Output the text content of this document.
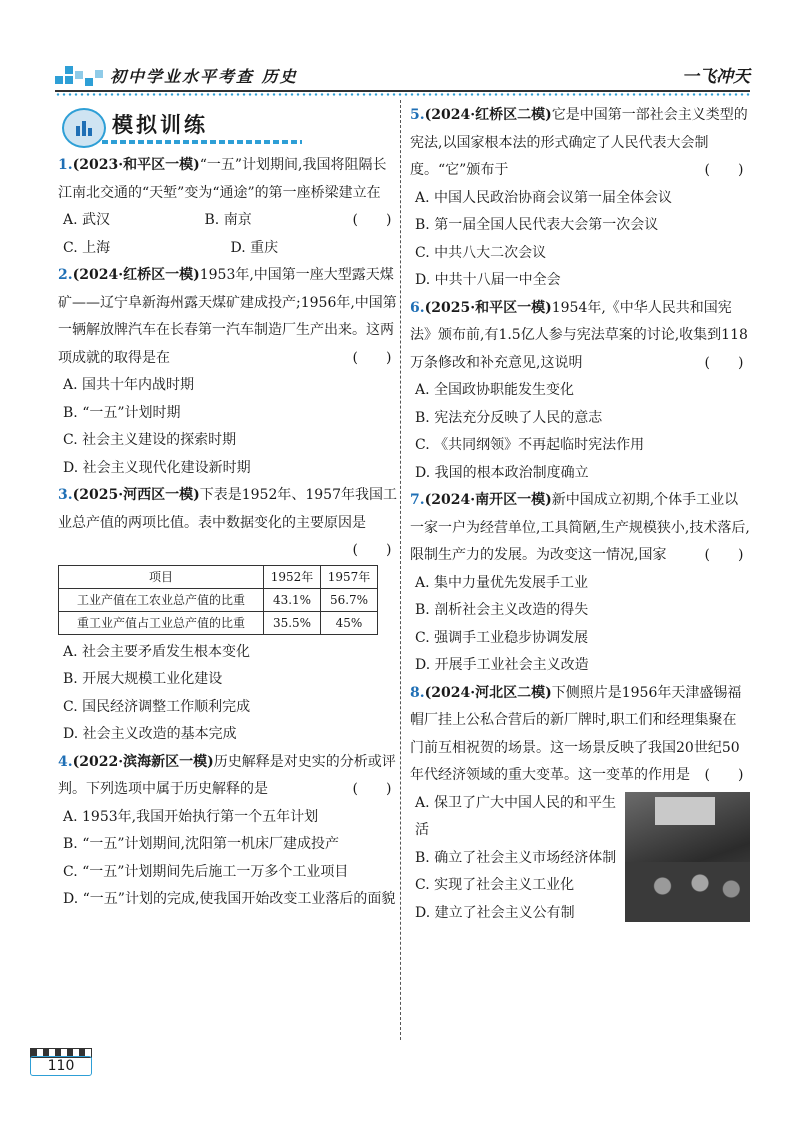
初中学业水平考查 历史	一飞冲天
模拟训练
1.(2023·和平区一模)“一五”计划期间,我国将阻隔长江南北交通的“天堑”变为“通途”的第一座桥梁建立在
(　　)
A. 武汉	B. 南京
C. 上海	D. 重庆
2.(2024·红桥区一模)1953年,中国第一座大型露天煤矿——辽宁阜新海州露天煤矿建成投产;1956年,中国第一辆解放牌汽车在长春第一汽车制造厂生产出来。这两项成就的取得是在	(　　)
A. 国共十年内战时期
B. “一五”计划时期
C. 社会主义建设的探索时期
D. 社会主义现代化建设新时期
3.(2025·河西区一模)下表是1952年、1957年我国工业总产值的两项比值。表中数据变化的主要原因是
(　　)
项目	1952年	1957年
工业产值在工农业总产值的比重	43.1%	56.7%
重工业产值占工业总产值的比重	35.5%	45%
A. 社会主要矛盾发生根本变化
B. 开展大规模工业化建设
C. 国民经济调整工作顺利完成
D. 社会主义改造的基本完成
4.(2022·滨海新区一模)历史解释是对史实的分析或评判。下列选项中属于历史解释的是	(　　)
A. 1953年,我国开始执行第一个五年计划
B. “一五”计划期间,沈阳第一机床厂建成投产
C. “一五”计划期间先后施工一万多个工业项目
D. “一五”计划的完成,使我国开始改变工业落后的面貌
5.(2024·红桥区二模)它是中国第一部社会主义类型的宪法,以国家根本法的形式确定了人民代表大会制度。“它”颁布于	(　　)
A. 中国人民政治协商会议第一届全体会议
B. 第一届全国人民代表大会第一次会议
C. 中共八大二次会议
D. 中共十八届一中全会
6.(2025·和平区一模)1954年,《中华人民共和国宪法》颁布前,有1.5亿人参与宪法草案的讨论,收集到118万条修改和补充意见,这说明	(　　)
A. 全国政协职能发生变化
B. 宪法充分反映了人民的意志
C. 《共同纲领》不再起临时宪法作用
D. 我国的根本政治制度确立
7.(2024·南开区一模)新中国成立初期,个体手工业以一家一户为经营单位,工具简陋,生产规模狭小,技术落后,限制生产力的发展。为改变这一情况,国家	(　　)
A. 集中力量优先发展手工业
B. 剖析社会主义改造的得失
C. 强调手工业稳步协调发展
D. 开展手工业社会主义改造
8.(2024·河北区二模)下侧照片是1956年天津盛锡福帽厂挂上公私合营后的新厂牌时,职工们和经理集聚在门前互相祝贺的场景。这一场景反映了我国20世纪50年代经济领域的重大变革。这一变革的作用是	(　　)
A. 保卫了广大中国人民的和平生活
B. 确立了社会主义市场经济体制
C. 实现了社会主义工业化
D. 建立了社会主义公有制
110
